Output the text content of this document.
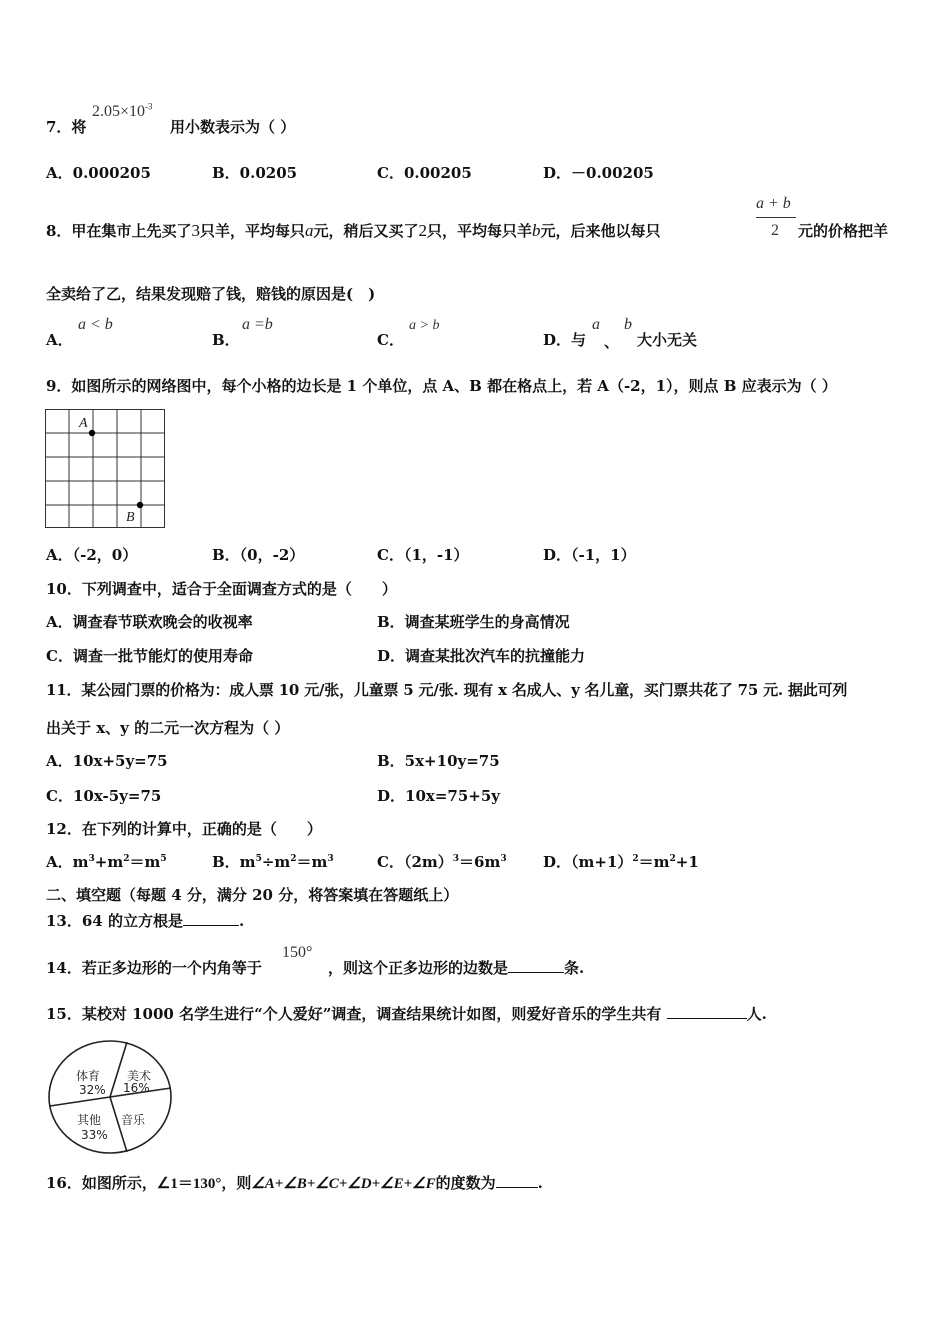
7．将
$2.05\times 10^{-3}$
用小数表示为（ ）
A．0.000205	B．0.0205	C．0.00205	D．－0.00205
8．甲在集市上先买了3只羊，平均每只a元，稍后又买了2只，平均每只羊b元，后来他以每只
a + b
2 元的价格把羊
全卖给了乙，结果发现赔了钱，赔钱的原因是(　)
A．
a < b
B．
a =b
C．
a > b
D．与
a
、
b
大小无关
9．如图所示的网络图中，每个小格的边长是 1 个单位，点 A、B 都在格点上，若 A（-2，1），则点 B 应表示为（ ）
A
B
A．（-2，0）	B．（0，-2）	C．（1，-1）	D．（-1，1）
10．下列调查中，适合于全面调查方式的是（　　）
A．调查春节联欢晚会的收视率	B．调查某班学生的身高情况
C．调查一批节能灯的使用寿命	D．调查某批次汽车的抗撞能力
11．某公园门票的价格为：成人票 10 元/张，儿童票 5 元/张. 现有 x 名成人、y 名儿童，买门票共花了 75 元. 据此可列
出关于 x、y 的二元一次方程为（ ）
A．10x+5y=75	B．5x+10y=75
C．10x-5y=75	D．10x=75+5y
12．在下列的计算中，正确的是（　　）
A．$m^3+m^2=m^5$	B．$m^5\div m^2=m^3$	C．$(2m)^3=6m^3$ D．$(m+1)^2=m^2+1$
二、填空题（每题 4 分，满分 20 分，将答案填在答题纸上）
13．64 的立方根是	.
14．若正多边形的一个内角等于
150°
，则这个正多边形的边数是	条.
15．某校对 1000 名学生进行“个人爱好”调查，调查结果统计如图，则爱好音乐的学生共有	人.
体育
32%
美术
16%
音乐
其他
33%
16．如图所示，∠1＝130°，则∠A+∠B+∠C+∠D+∠E+∠F的度数为	.
